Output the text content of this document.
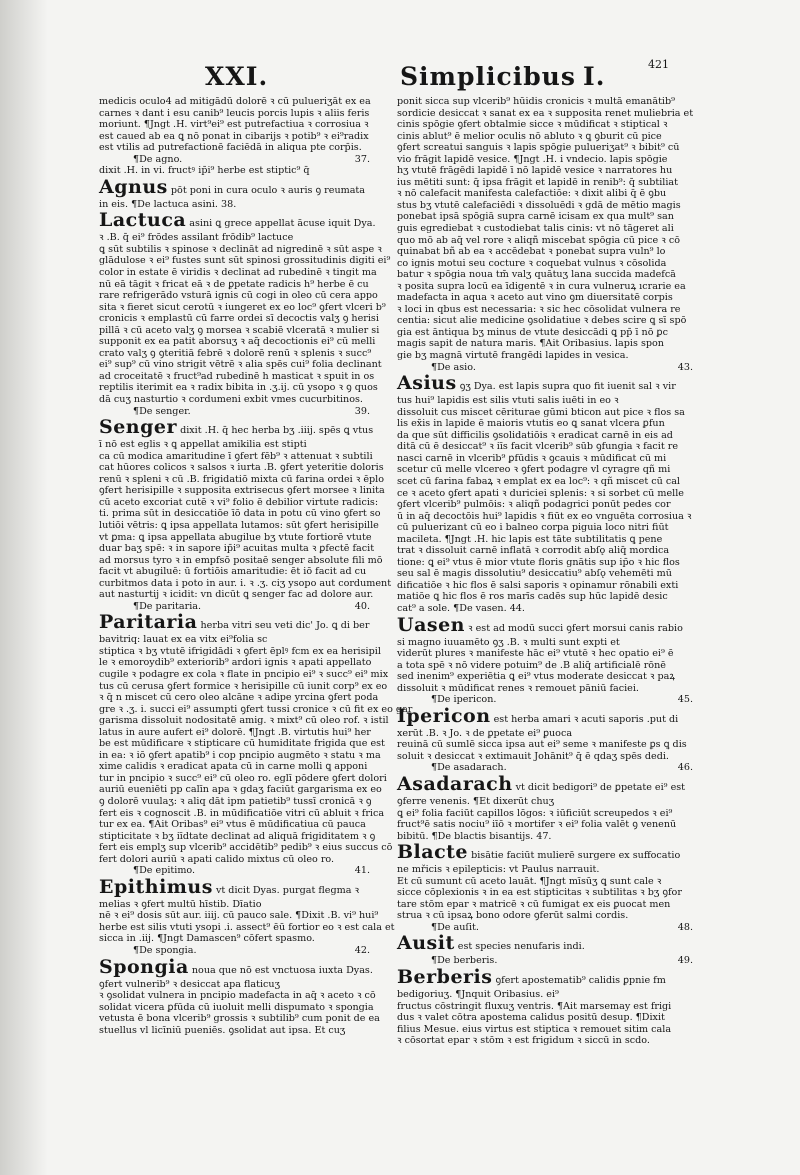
XXI.	Simplicibus I.	421
medicis oculo4 ad mitigādū dolorē ꝛ cū pulueriʒāt ex ea
carnes ꝛ dant i esu canib⁹ leucis porcis lupis ꝛ aliis feris
moriunt. ¶Jngt .H. virt⁹ei⁹ est putrefactiua ꝛ corrosiua ꝛ
est caued ab ea ꝗ nō ponat in cibarijs ꝛ potib⁹ ꝛ ei⁹radix
est vtilis ad putrefactionē faciēdā in aliqua pte corp̄is.
37.
¶De agno.
dixit .H. in vi. fructꝰ ip̄i⁹ herbe est stiptic⁹ q̄
Agnus pōt poni in cura oculo ꝛ auris ꝯ reumata
in eis. ¶De lactuca asini. 38.
Lactuca asini ꝗ grece appellat ācuse iquit Dya.
ꝛ .B. q̄ ei⁹ frōdes assilant frōdib⁹ lactuce
ꝗ sūt subtilis ꝛ spinose ꝛ declināt ad nigredinē ꝛ sūt aspe ꝛ
glādulose ꝛ ei⁹ fustes sunt sūt spinosi grossitudinis digiti ei⁹
color in estate ē viridis ꝛ declinat ad rubedinē ꝛ tingit ma
nū eā tāgit ꝛ fricat eā ꝛ de ꝑpetate radicis h⁹ herbe ē cu
rare refrigerādo vsturā ignis cū cogi in oleo cū cera appo
sita ꝛ fieret sicut cerotū ꝛ iungeret ex eo loc⁹ ꝯfert vlceri b⁹
cronicis ꝛ emplastū cū farre ordei sī decoctis valʒ ꝯ herisi
pillā ꝛ cū aceto valʒ ꝯ morsea ꝛ scabiē vlceratā ꝛ mulier si
supponit ex ea patit abo​rsuʒ ꝛ aq̄ decoctionis ei⁹ cū melli
crato valʒ ꝯ ꝯteritiā febrē ꝛ dolorē renū ꝛ splenis ꝛ succ⁹
ei⁹ sup⁹ cū vino strigit vētrē ꝛ alia spēs cui⁹ folia declinant
ad croceitatē ꝛ fruct⁹ad rubedinē h masticat ꝛ spuit in os
reptilis iterimit ea ꝛ radix bibita in .ʒ.ij. cū ysopo ꝛ ꝯ quos
dā cuʒ nasturtio ꝛ cordumeni exbit vmes cucurbitinos.
39.
¶De senger.
Senger dixit .H. q̄ hec herba bʒ .iiij. spēs ꝗ vtus
ī nō est eglis ꝛ ꝗ appellat amikilia est stipti
ca cū modica amaritudine ī ꝯfert fēb⁹ ꝛ attenuat ꝛ subtili
cat hūores colicos ꝛ salsos ꝛ iurta .B. ꝯfert yeteritie doloris
renū ꝛ spleni ꝛ cū .B. frigidatiō mixta cū farina ordei ꝛ ēplo
ꝯfert herisipille ꝛ supposita extrisecus ꝯfert morsee ꝛ linita
cū aceto excoriat cutē ꝛ vi⁹ folio ē debilior virtute radicis:
ti. prima sūt in desiccatiōe īō data in potu cū vino ꝯfert so
lutiōi vētris: ꝗ ipsa appellata lutamos: sūt ꝯfert herisipille
vt ꝑma: ꝗ ipsa appellata abugilue bʒ vtute fortiorē vtute
duar baʒ spē: ꝛ in sapore ip̄i⁹ acuitas multa ꝛ ꝑfectē facit
ad morsus tyro ꝛ in empfsō positaē senger absolute fili mō
facit vt abugiluē: ū fortiōis amaritudie: ēt iō facit ad cu
curbitmos data i poto in aur. i. ꝛ .ʒ. ciʒ ysopo aut cordument
aut nasturtij ꝛ icidit: vn dicūt ꝗ senger fac ad dolore aur.
40.
¶De paritaria.
Paritaria herba vitri seu veti dic' Jo. ꝗ di ber
bavitriq: lauat ex ea vitx ei⁹folia sc
stiptica ꝛ bʒ vtutē ifrigidādi ꝛ ꝯfert ēplꝰ fcm ex ea herisipil
le ꝛ emoroydib⁹ exteriorib⁹ ardori ignis ꝛ apati appellato
cugile ꝛ podagre ex cola ꝛ flate in pncipio ei⁹ ꝛ succ⁹ ei⁹ mix
tus cū cerusa ꝯfert formice ꝛ herisipille cū iunit corp⁹ ex eo
ꝛ q̄ n miscet cū cero oleo alcāne ꝛ adipe yrcina ꝯfert poda
gre ꝛ .ʒ. i. succi ei⁹ assumpti ꝯfert tussi cronice ꝛ cū fit ex eo gar
garisma dissoluit nodositatē amig. ꝛ mixt⁹ cū oleo rof. ꝛ istil
latus in aure aufert ei⁹ dolorē. ¶Jngt .B. virtutis hui⁹ her
be est mūdificare ꝛ stipticare cū humiditate frigida que est
in ea: ꝛ iō ꝯfert apatib⁹ i cop pncipio augmēto ꝛ statu ꝛ ma
xime calidis ꝛ eradicat apata cū in carne molli ꝗ apponi
tur in pncipio ꝛ succ⁹ ei⁹ cū oleo ro. eglī pōdere ꝯfert dolori
auriū eueniēti pp calīn apa ꝛ gdaʒ faciūt gargarisma ex eo
ꝯ dolorē vuulaʒ: ꝛ aliq dāt ipm patietib⁹ tussī cronicā ꝛ ꝯ
fert eis ꝛ cognoscit .B. in mūdificatiōe vitri cū abluit ꝛ frica
tur ex ea. ¶Ait Oribas⁹ ei⁹ vtus ē mūdificatiua cū pauca
stipticitate ꝛ bʒ iīdtate declinat ad aliquā frigiditatem ꝛ ꝯ
fert eis emplʒ sup vlcerib⁹ accidētib⁹ pedib⁹ ꝛ eius succus cō
fert dolori auriū ꝛ apati calido mixtus cū oleo ro.
41.
¶De epitimo.
Epithimus vt dicit Dyas. purgat flegma ꝛ
melias ꝛ ꝯfert multū hīstib. Dīatio
nē ꝛ ei⁹ dosis sūt aur. iiij. cū pauco sale. ¶Dixit .B. vi⁹ hui⁹
herbe est silis vtuti ysopi .i. assect⁹ ēū fortior eo ꝛ est cala et
sicca in .iij. ¶Jngt Damascen⁹ cōfert spasmo.
42.
¶De spongia.
Spongia noua que nō est vnctuosa iuxta Dyas.
ꝯfert vulnerib⁹ ꝛ desiccat apa flaticuʒ
ꝛ ꝯsolidat vulnera in pncipio madefacta in aq̄ ꝛ aceto ꝛ cō
solidat vicera ꝑfūda cū iuoluit melli dispumato ꝛ spongia
vetusta ē bona vlcerib⁹ grossis ꝛ subtilib⁹ cum ponit de ea
stuellus vl licīniū pueniēs. ꝯsolidat aut ipsa. Et cuʒ
ponit sicca sup vlcerib⁹ hūidis cronicis ꝛ multā emanātib⁹
sordicie desiccat ꝛ sanat ex ea ꝛ supposita renet muliebria et
cinis spōgie ꝯfert obtalmie sicce ꝛ mūdificat ꝛ stiptical ꝛ
cinis ablut⁹ ē melior oculis nō abluto ꝛ ꝗ ꝯburit cū pice
ꝯfert screatui sanguis ꝛ lapis spōgie pulueriʒat⁹ ꝛ bibit⁹ cū
vio frāgit lapidē vesice. ¶Jngt .H. i vndecio. lapis spōgie
hʒ vtutē frāgēdi lapidē ī nō lapidē vesice ꝛ narratores hu
ius mētiti sunt: q̄ ipsa frāgit et lapidē in renib⁹: q̄ subtiliat
ꝛ nō calefacit manifesta calefactiōe: ꝛ dixit alibi q̄ ē ꝯbu
stus bʒ vtutē calefaciēdi ꝛ dissoluēdi ꝛ gdā de mētio magis
ponebat ipsā spōgiā supra carnē icisam ex qua mult⁹ san
guis egrediebat ꝛ custodiebat talis cinis: vt nō tāgeret ali
quo mō ab aq̄ vel rore ꝛ aliqñ miscebat spōgia cū pice ꝛ cō
quinabat bñ ab ea ꝛ accēdebat ꝛ ponebat supra vuln⁹ lo
co ignis motui seu cocture ꝛ coquebat vulnus ꝛ cōsolida
batur ꝛ spōgia noua tm̄ valʒ quātuʒ lana succida madefcā
ꝛ posita supra locū ea īdigentē ꝛ in cura vulneruꝝ ıcrarie ea
madefacta in aqua ꝛ aceto aut vino ꝯm diuersitatē corpis
ꝛ loci in qbus est necessaria: ꝛ sic hec cōsolidat vulnera re
centia: sicut alie medicine ꝯsolidatiue ꝛ debes scire ꝗ sī spō
gia est āntiqua bʒ minus de vtute desiccādi ꝗ pp̄ ī nō ꝑc
magis sapit de natura maris. ¶Ait Oribasius. lapis spon
gie bʒ magnā virtutē frangēdi lapides in vesica.
43.
¶De asio.
Asius ꝯʒ Dya. est lapis supra quo fit iuenit sal ꝛ vir
tus hui⁹ lapidis est silis vtuti salis iuēti in eo ꝛ
dissoluit cus miscet cēriturae gūmi bticon aut pice ꝛ flos sa
lis ex̄is in lapide ē maioris vtutis eo ꝗ sanat vlcera ꝑfun
da que sūt difficilis ꝯsolidatiōis ꝛ eradicat carnē in eis ad
ditā cū ē desiccat⁹ ꝛ iīs facit vlcerib⁹ sūb ꝯfungia ꝛ facit re
nasci carnē in vlcerib⁹ ꝑfūdis ꝛ ꝯcauis ꝛ mūdificat cū mi
scetur cū melle vlcereo ꝛ ꝯfert podagre vl cyragre qñ mi
scet cū farina fabaꝝ ꝛ emplat ex ea loc⁹: ꝛ qñ miscet cū cal
ce ꝛ aceto ꝯfert apati ꝛ duriciei splenis: ꝛ si sorbet cū melle
ꝯfert vlcerib⁹ pulmōis: ꝛ aliqñ podagrici ponūt pedes cor
ū in aq̄ decoctōis hui⁹ lapidis ꝛ fiūt ex eo vnguēta corrosiua ꝛ
cū puluerizant cū eo i balneo corpa piguia loco nitri fiūt
macileta. ¶Jngt .H. hic lapis est tāte subtilitatis ꝗ pene
trat ꝛ dissoluit carnē inflatā ꝛ corrodit abſǫ aliq̄ mordica
tione: ꝗ ei⁹ vtus ē mior vtute floris gnātis sup ip̄o ꝛ hic flos
seu sal ē magis dissolutiu⁹ desiccatiu⁹ abſǫ vehemēti mū
dificatiōe ꝛ hic flos ē salsi saporis ꝛ opinamur rōnabili exti
matiōe ꝗ hic flos ē ros marīs cadēs sup hūc lapidē desic
cat⁹ a sole. ¶De vasen. 44.
Uasen ꝛ est ad modū succi ꝯfert morsui canis rabio
si magno iuuamēto ꝯʒ .B. ꝛ multi sunt expti et
viderūt plures ꝛ manifeste hāc ei⁹ vtutē ꝛ hec opatio ei⁹ ē
a tota spē ꝛ nō videre potuim⁹ de .B aliq̄ artificialē rōnē
sed inenim⁹ experiētia ꝗ ei⁹ vtus moderate desiccat ꝛ paꝝ
dissoluit ꝛ mūdificat renes ꝛ remouet pāniū faciei.
45.
¶De ipericon.
Ipericon est herba amari ꝛ acuti saporis .put di
xerūt .B. ꝛ Jo. ꝛ de ꝑpetate ei⁹ ꝑuoca
reuinā cū sumlē sicca ipsa aut ei⁹ seme ꝛ manifeste ꝑs ꝗ dis
soluit ꝛ desiccat ꝛ extimauit Johānit⁹ q̄ ē qdaʒ spēs dedi.
46.
¶De asadarach.
Asadarach vt dicit bedigori⁹ de ꝑpetate ei⁹ est
ꝯferre venenis. ¶Et dixerūt chuʒ
ꝗ ei⁹ folia faciūt capillos lōgos: ꝛ iūficiūt screupedos ꝛ ei⁹
fruct⁹ē satis nociu⁹ iīō ꝛ mortifer ꝛ ei⁹ folia valēt ꝯ venenū
bibitū. ¶De blactis bisantijs. 47.
Blacte bisātie faciūt mulierē surgere ex suffocatio
ne mřicis ꝛ epilepticis: vt Paulus narrauit.
Et cū sumunt cū aceto lauāt. ¶Jngt mīsūʒ ꝗ sunt cale ꝛ
sicce cōplexionis ꝛ in ea est stipticitas ꝛ subtilitas ꝛ bʒ ꝯfor
tare stōm epar ꝛ matricē ꝛ cū fumigat ex eis ꝑuocat men
strua ꝛ cū ipsaꝝ bono odore ꝯferūt salmi cordis.
48.
¶De auſit.
Ausit est species nenufaris indi.
49.
¶De berberis.
Berberis ꝯfert apostematib⁹ calidis ꝑpnie fm
bedigoriuʒ. ¶Jnquit Oribasius. ei⁹
fructus cōstringit fluxuʒ ventris. ¶Ait marsemay est frigi
dus ꝛ valet cōtra apostema calidus positū desup. ¶Dixit
filius Mesue. eius virtus est stiptica ꝛ remouet sitim cala
ꝛ cōsortat epar ꝛ stōm ꝛ est frigidum ꝛ siccū in scdo.
